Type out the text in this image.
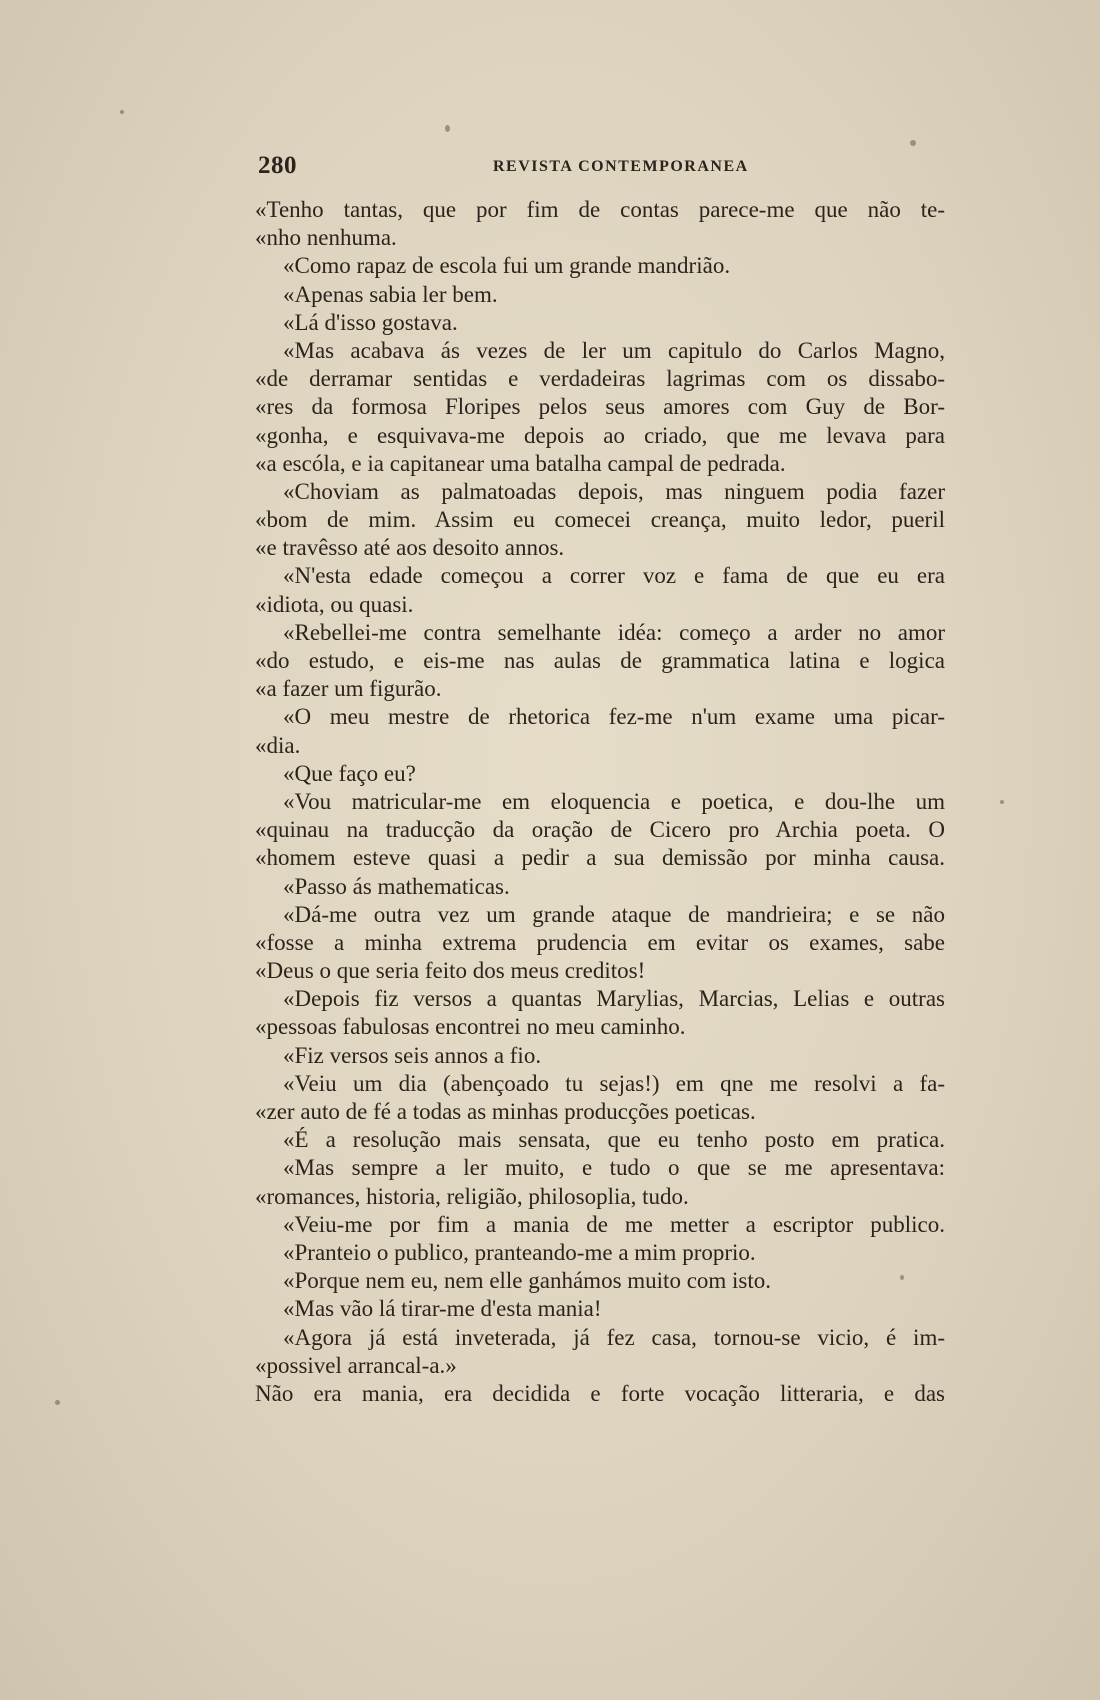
280	REVISTA CONTEMPORANEA
«Tenho tantas, que por fim de contas parece-me que não te-
«nho nenhuma.
«Como rapaz de escola fui um grande mandrião.
«Apenas sabia ler bem.
«Lá d'isso gostava.
«Mas acabava ás vezes de ler um capitulo do Carlos Magno,
«de derramar sentidas e verdadeiras lagrimas com os dissabo-
«res da formosa Floripes pelos seus amores com Guy de Bor-
«gonha, e esquivava-me depois ao criado, que me levava para
«a escóla, e ia capitanear uma batalha campal de pedrada.
«Choviam as palmatoadas depois, mas ninguem podia fazer
«bom de mim. Assim eu comecei creança, muito ledor, pueril
«e travêsso até aos desoito annos.
«N'esta edade começou a correr voz e fama de que eu era
«idiota, ou quasi.
«Rebellei-me contra semelhante idéa: começo a arder no amor
«do estudo, e eis-me nas aulas de grammatica latina e logica
«a fazer um figurão.
«O meu mestre de rhetorica fez-me n'um exame uma picar-
«dia.
«Que faço eu?
«Vou matricular-me em eloquencia e poetica, e dou-lhe um
«quinau na traducção da oração de Cicero pro Archia poeta. O
«homem esteve quasi a pedir a sua demissão por minha causa.
«Passo ás mathematicas.
«Dá-me outra vez um grande ataque de mandrieira; e se não
«fosse a minha extrema prudencia em evitar os exames, sabe
«Deus o que seria feito dos meus creditos!
«Depois fiz versos a quantas Marylias, Marcias, Lelias e outras
«pessoas fabulosas encontrei no meu caminho.
«Fiz versos seis annos a fio.
«Veiu um dia (abençoado tu sejas!) em qne me resolvi a fa-
«zer auto de fé a todas as minhas producções poeticas.
«É a resolução mais sensata, que eu tenho posto em pratica.
«Mas sempre a ler muito, e tudo o que se me apresentava:
«romances, historia, religião, philosoplia, tudo.
«Veiu-me por fim a mania de me metter a escriptor publico.
«Pranteio o publico, pranteando-me a mim proprio.
«Porque nem eu, nem elle ganhámos muito com isto.
«Mas vão lá tirar-me d'esta mania!
«Agora já está inveterada, já fez casa, tornou-se vicio, é im-
«possivel arrancal-a.»
Não era mania, era decidida e forte vocação litteraria, e das
